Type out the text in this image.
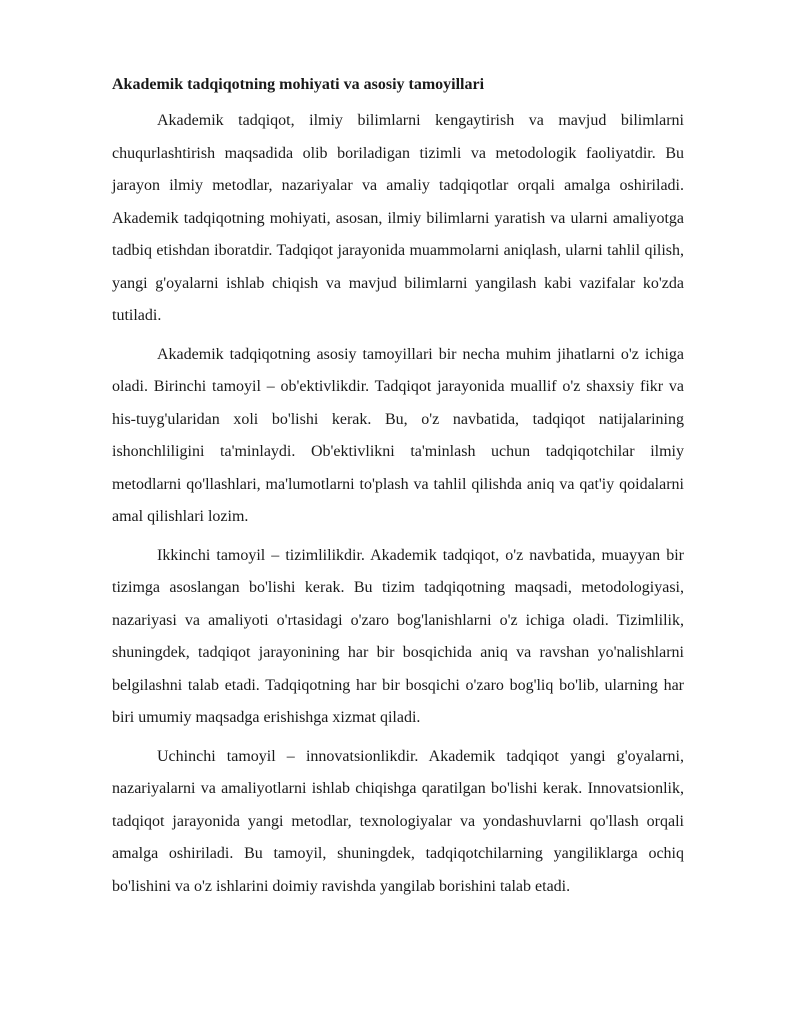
Akademik tadqiqotning mohiyati va asosiy tamoyillari

Akademik tadqiqot, ilmiy bilimlarni kengaytirish va mavjud bilimlarni chuqurlashtirish maqsadida olib boriladigan tizimli va metodologik faoliyatdir. Bu jarayon ilmiy metodlar, nazariyalar va amaliy tadqiqotlar orqali amalga oshiriladi. Akademik tadqiqotning mohiyati, asosan, ilmiy bilimlarni yaratish va ularni amaliyotga tadbiq etishdan iboratdir. Tadqiqot jarayonida muammolarni aniqlash, ularni tahlil qilish, yangi g'oyalarni ishlab chiqish va mavjud bilimlarni yangilash kabi vazifalar ko'zda tutiladi.

Akademik tadqiqotning asosiy tamoyillari bir necha muhim jihatlarni o'z ichiga oladi. Birinchi tamoyil – ob'ektivlikdir. Tadqiqot jarayonida muallif o'z shaxsiy fikr va his-tuyg'ularidan xoli bo'lishi kerak. Bu, o'z navbatida, tadqiqot natijalarining ishonchliligini ta'minlaydi. Ob'ektivlikni ta'minlash uchun tadqiqotchilar ilmiy metodlarni qo'llashlari, ma'lumotlarni to'plash va tahlil qilishda aniq va qat'iy qoidalarni amal qilishlari lozim.

Ikkinchi tamoyil – tizimlilikdir. Akademik tadqiqot, o'z navbatida, muayyan bir tizimga asoslangan bo'lishi kerak. Bu tizim tadqiqotning maqsadi, metodologiyasi, nazariyasi va amaliyoti o'rtasidagi o'zaro bog'lanishlarni o'z ichiga oladi. Tizimlilik, shuningdek, tadqiqot jarayonining har bir bosqichida aniq va ravshan yo'nalishlarni belgilashni talab etadi. Tadqiqotning har bir bosqichi o'zaro bog'liq bo'lib, ularning har biri umumiy maqsadga erishishga xizmat qiladi.

Uchinchi tamoyil – innovatsionlikdir. Akademik tadqiqot yangi g'oyalarni, nazariyalarni va amaliyotlarni ishlab chiqishga qaratilgan bo'lishi kerak. Innovatsionlik, tadqiqot jarayonida yangi metodlar, texnologiyalar va yondashuvlarni qo'llash orqali amalga oshiriladi. Bu tamoyil, shuningdek, tadqiqotchilarning yangiliklarga ochiq bo'lishini va o'z ishlarini doimiy ravishda yangilab borishini talab etadi.
